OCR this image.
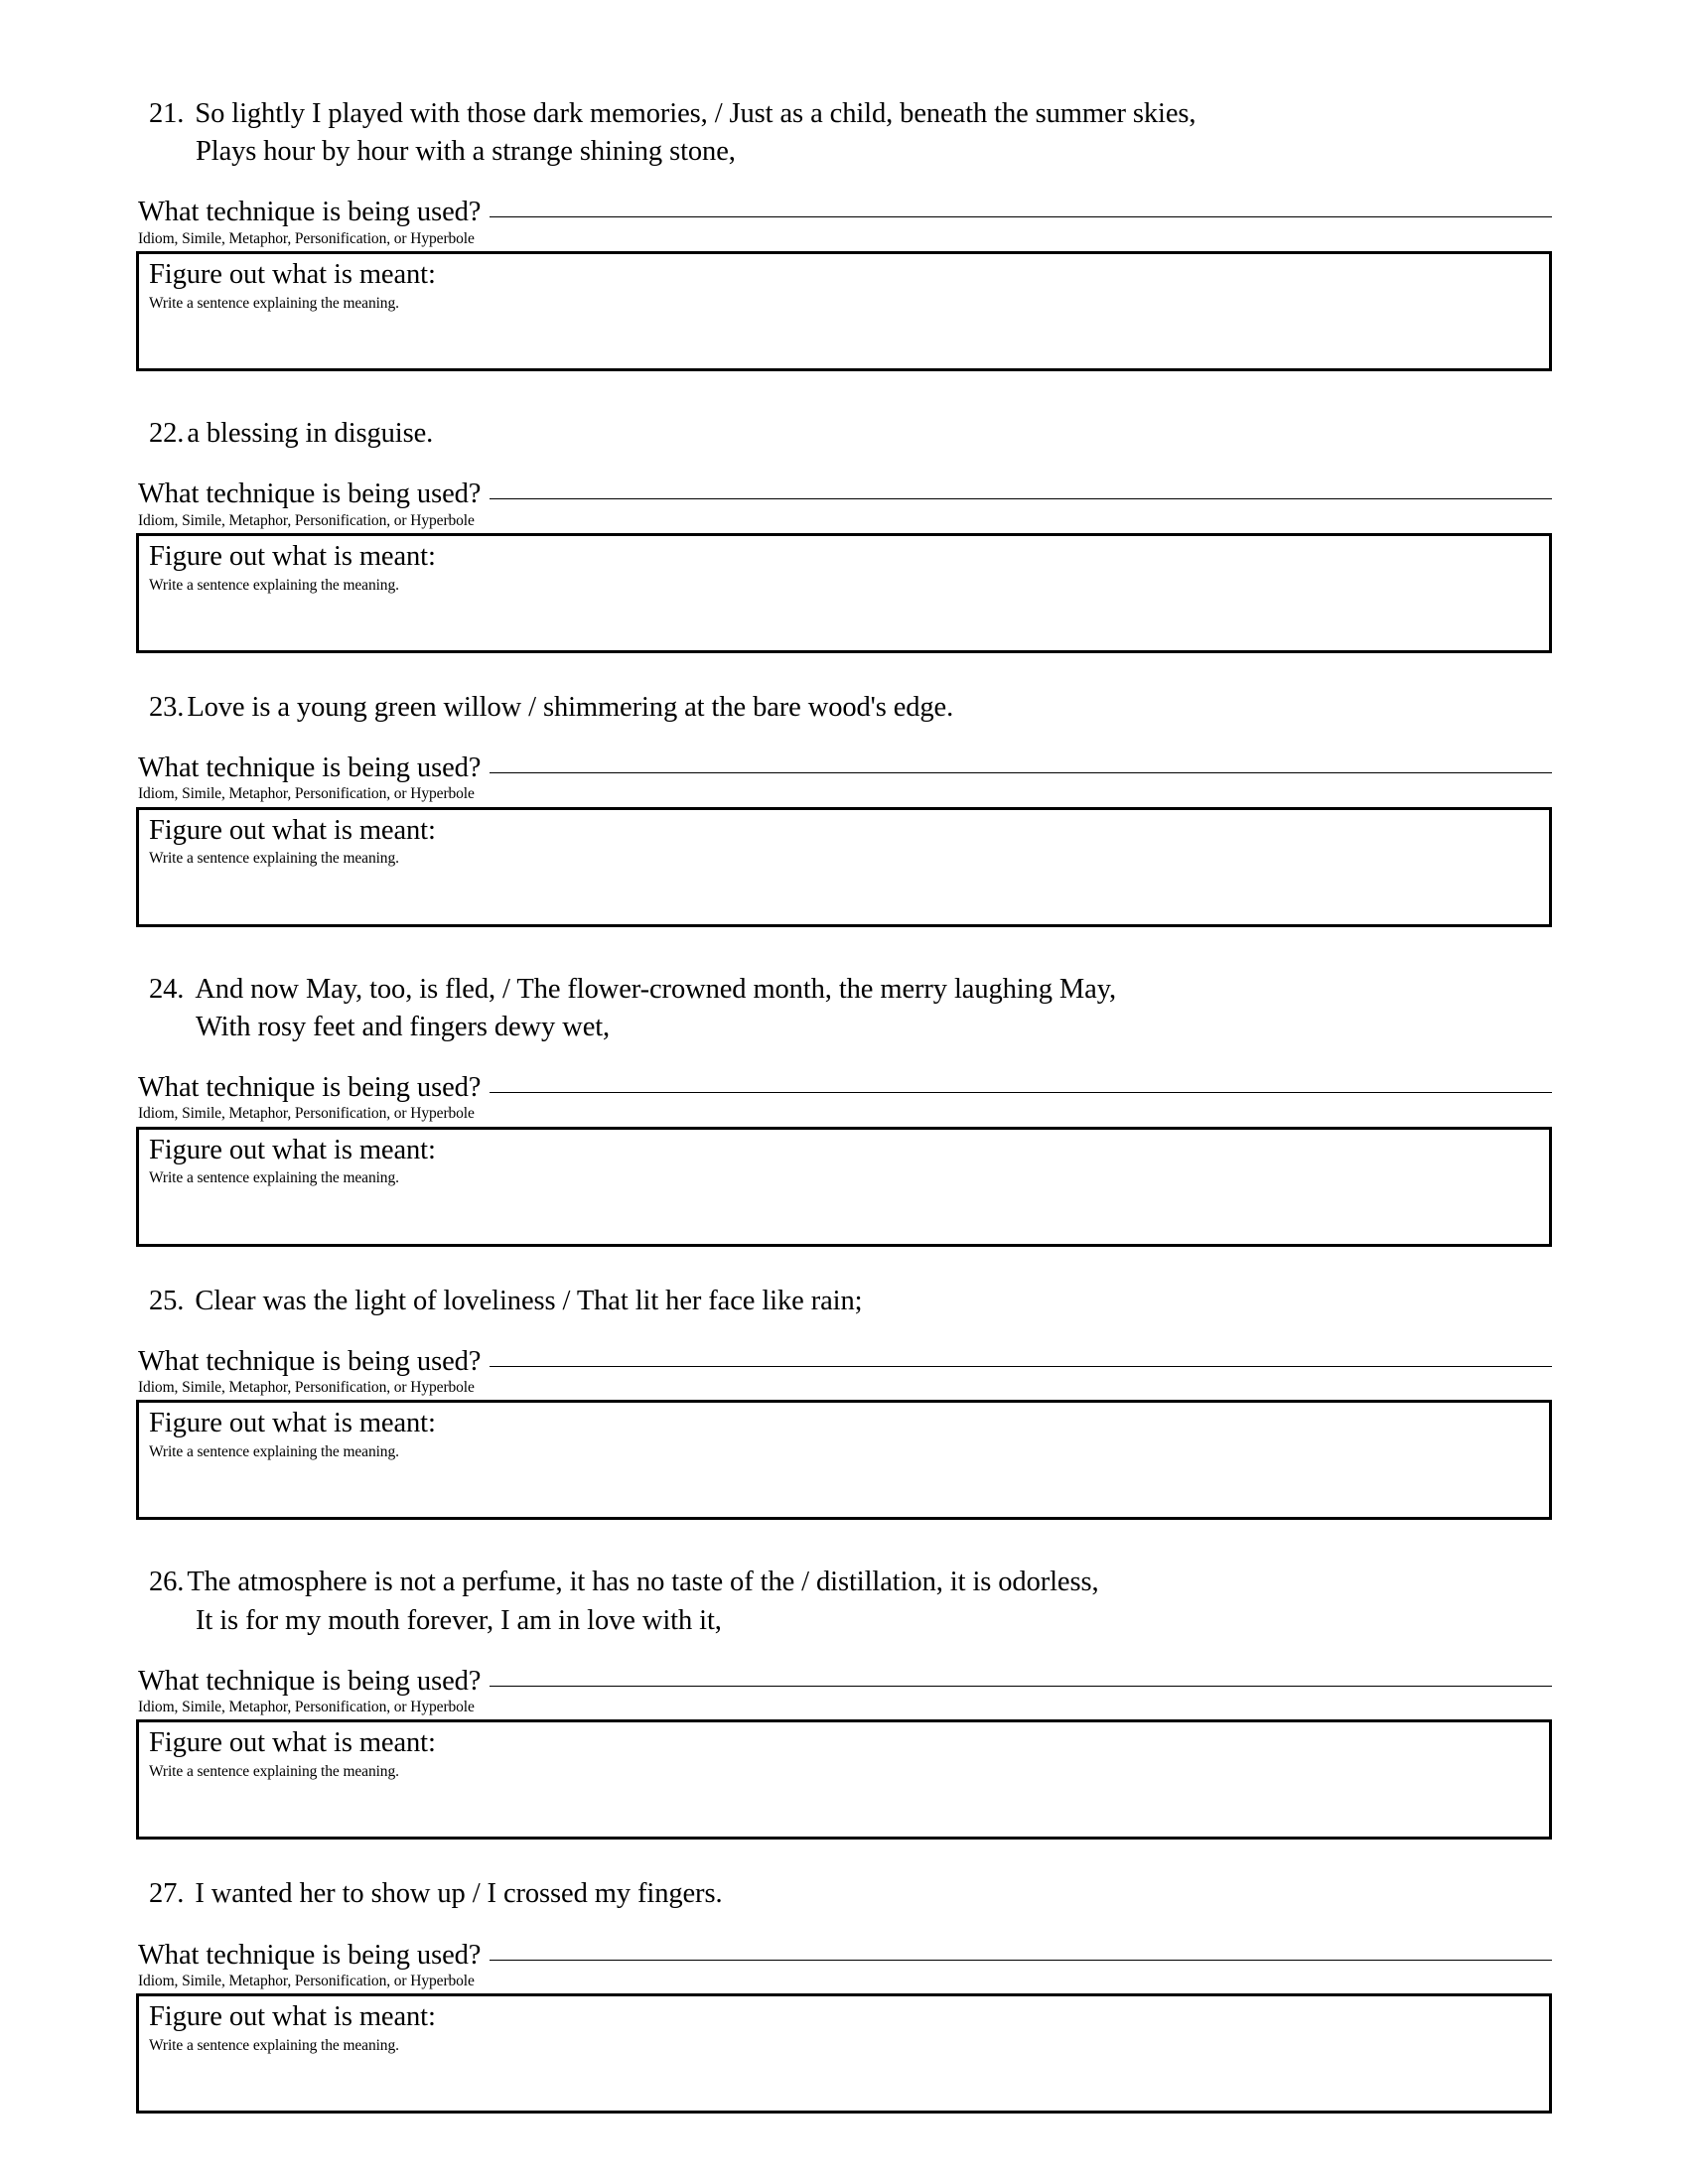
21. So lightly I played with those dark memories, / Just as a child, beneath the summer skies,
Plays hour by hour with a strange shining stone,
What technique is being used?
Idiom, Simile, Metaphor, Personification, or Hyperbole
Figure out what is meant:
Write a sentence explaining the meaning.
22. a blessing in disguise.
What technique is being used?
Idiom, Simile, Metaphor, Personification, or Hyperbole
Figure out what is meant:
Write a sentence explaining the meaning.
23. Love is a young green willow / shimmering at the bare wood's edge.
What technique is being used?
Idiom, Simile, Metaphor, Personification, or Hyperbole
Figure out what is meant:
Write a sentence explaining the meaning.
24. And now May, too, is fled, / The flower-crowned month, the merry laughing May,
With rosy feet and fingers dewy wet,
What technique is being used?
Idiom, Simile, Metaphor, Personification, or Hyperbole
Figure out what is meant:
Write a sentence explaining the meaning.
25. Clear was the light of loveliness / That lit her face like rain;
What technique is being used?
Idiom, Simile, Metaphor, Personification, or Hyperbole
Figure out what is meant:
Write a sentence explaining the meaning.
26. The atmosphere is not a perfume, it has no taste of the / distillation, it is odorless,
It is for my mouth forever, I am in love with it,
What technique is being used?
Idiom, Simile, Metaphor, Personification, or Hyperbole
Figure out what is meant:
Write a sentence explaining the meaning.
27. I wanted her to show up / I crossed my fingers.
What technique is being used?
Idiom, Simile, Metaphor, Personification, or Hyperbole
Figure out what is meant:
Write a sentence explaining the meaning.
